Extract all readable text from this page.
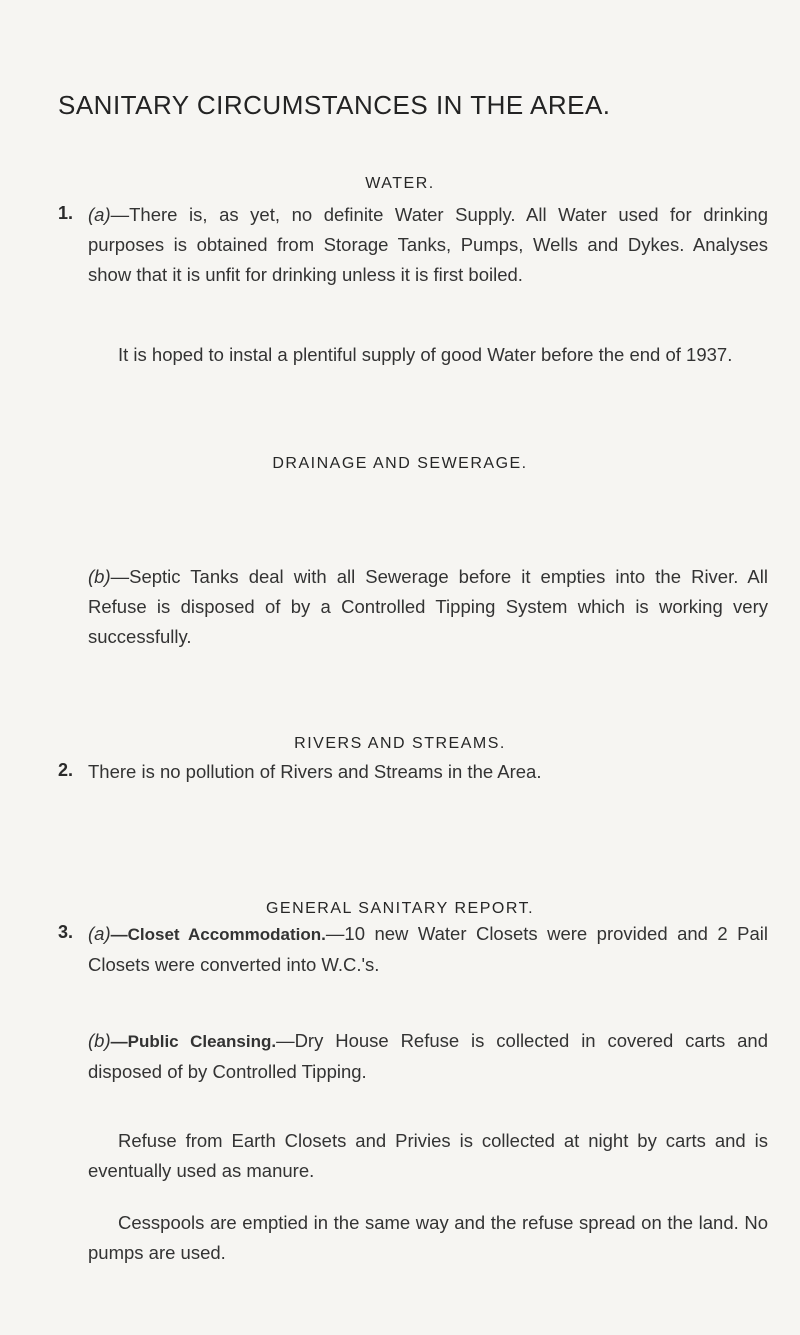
SANITARY CIRCUMSTANCES IN THE AREA.
WATER.
1. (a)—There is, as yet, no definite Water Supply. All Water used for drinking purposes is obtained from Storage Tanks, Pumps, Wells and Dykes. Analyses show that it is unfit for drinking unless it is first boiled.
It is hoped to instal a plentiful supply of good Water before the end of 1937.
DRAINAGE AND SEWERAGE.
(b)—Septic Tanks deal with all Sewerage before it empties into the River. All Refuse is disposed of by a Controlled Tipping System which is working very successfully.
RIVERS AND STREAMS.
2. There is no pollution of Rivers and Streams in the Area.
GENERAL SANITARY REPORT.
3. (a)—Closet Accommodation.—10 new Water Closets were provided and 2 Pail Closets were converted into W.C.'s.
(b)—Public Cleansing.—Dry House Refuse is collected in covered carts and disposed of by Controlled Tipping.
Refuse from Earth Closets and Privies is collected at night by carts and is eventually used as manure.
Cesspools are emptied in the same way and the refuse spread on the land. No pumps are used.
